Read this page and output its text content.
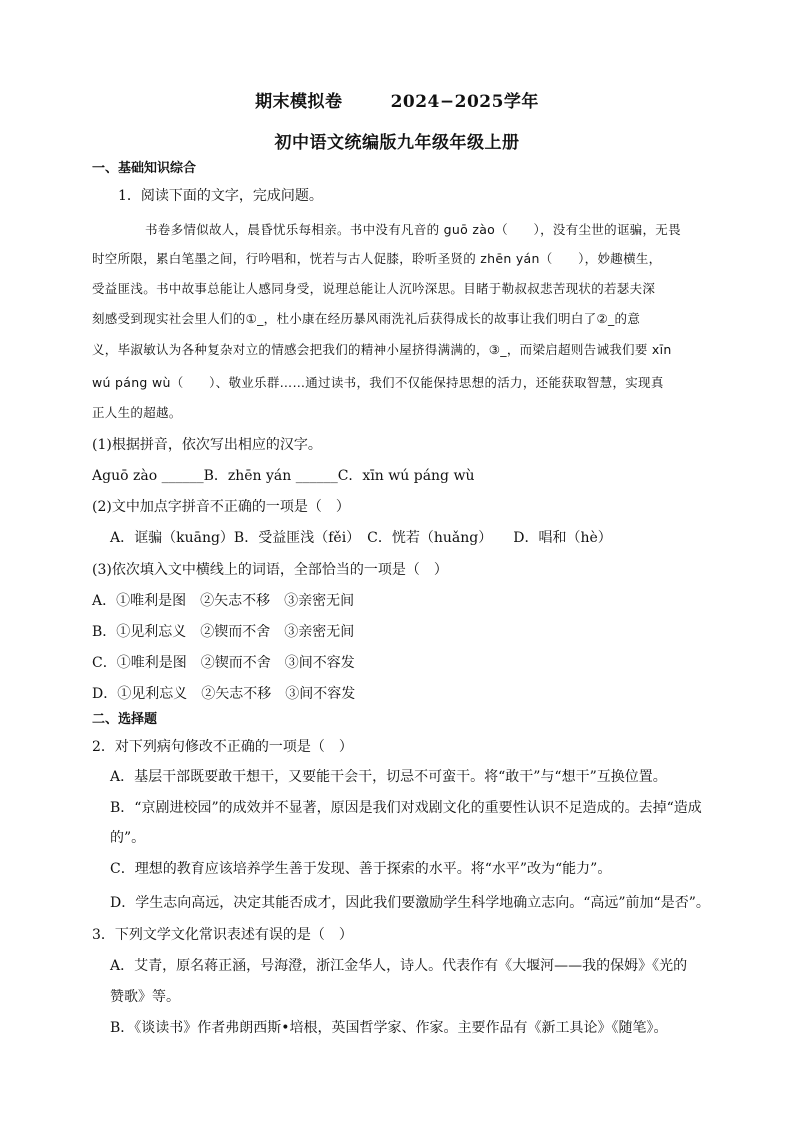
期末模拟卷	2024−2025学年
初中语文统编版九年级年级上册
一、基础知识综合
1．阅读下面的文字，完成问题。
书卷多情似故人，晨昏忧乐每相亲。书中没有凡音的 guō zào（　　），没有尘世的诓骗，无畏
时空所限，累白笔墨之间，行吟唱和，恍若与古人促膝，聆听圣贤的 zhēn yán（　　），妙趣横生，
受益匪浅。书中故事总能让人感同身受，说理总能让人沉吟深思。目睹于勒叔叔悲苦现状的若瑟夫深
刻感受到现实社会里人们的①_，杜小康在经历暴风雨洗礼后获得成长的故事让我们明白了②_的意
义，毕淑敏认为各种复杂对立的情感会把我们的精神小屋挤得满满的，③_，而梁启超则告诫我们要 xīn
wú páng wù（　　）、敬业乐群……通过读书，我们不仅能保持思想的活力，还能获取智慧，实现真
正人生的超越。
(1)根据拼音，依次写出相应的汉字。
Aguō zào ______B．zhēn yán ______C．xīn wú páng wù
(2)文中加点字拼音不正确的一项是（　）
A．诓骗（kuāng）B．受益匪浅（fěi）　C．恍若（huǎng）　　D．唱和（hè）
(3)依次填入文中横线上的词语，全部恰当的一项是（　）
A．①唯利是图　②矢志不移　③亲密无间
B．①见利忘义　②锲而不舍　③亲密无间
C．①唯利是图　②锲而不舍　③间不容发
D．①见利忘义　②矢志不移　③间不容发
二、选择题
2．对下列病句修改不正确的一项是（　）
A．基层干部既要敢干想干，又要能干会干，切忌不可蛮干。将“敢干”与“想干”互换位置。
B．“京剧进校园”的成效并不显著，原因是我们对戏剧文化的重要性认识不足造成的。去掉“造成
的”。
C．理想的教育应该培养学生善于发现、善于探索的水平。将“水平”改为“能力”。
D．学生志向高远，决定其能否成才，因此我们要激励学生科学地确立志向。“高远”前加“是否”。
3．下列文学文化常识表述有误的是（　）
A．艾青，原名蒋正涵，号海澄，浙江金华人，诗人。代表作有《大堰河——我的保姆》《光的
赞歌》等。
B．《谈读书》作者弗朗西斯•培根，英国哲学家、作家。主要作品有《新工具论》《随笔》。
